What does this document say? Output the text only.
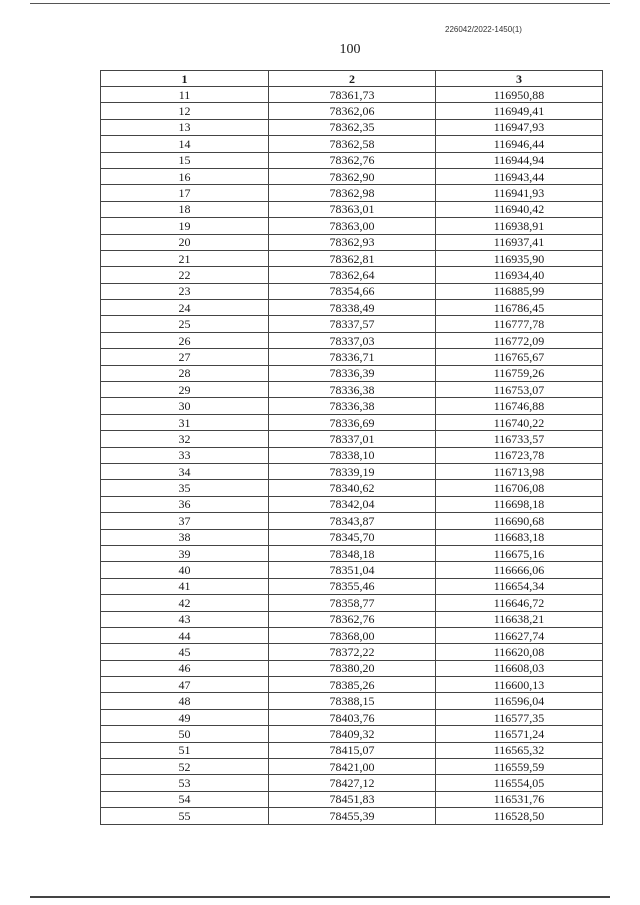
226042/2022-1450(1)
100
1	2	3
11	78361,73	116950,88
12	78362,06	116949,41
13	78362,35	116947,93
14	78362,58	116946,44
15	78362,76	116944,94
16	78362,90	116943,44
17	78362,98	116941,93
18	78363,01	116940,42
19	78363,00	116938,91
20	78362,93	116937,41
21	78362,81	116935,90
22	78362,64	116934,40
23	78354,66	116885,99
24	78338,49	116786,45
25	78337,57	116777,78
26	78337,03	116772,09
27	78336,71	116765,67
28	78336,39	116759,26
29	78336,38	116753,07
30	78336,38	116746,88
31	78336,69	116740,22
32	78337,01	116733,57
33	78338,10	116723,78
34	78339,19	116713,98
35	78340,62	116706,08
36	78342,04	116698,18
37	78343,87	116690,68
38	78345,70	116683,18
39	78348,18	116675,16
40	78351,04	116666,06
41	78355,46	116654,34
42	78358,77	116646,72
43	78362,76	116638,21
44	78368,00	116627,74
45	78372,22	116620,08
46	78380,20	116608,03
47	78385,26	116600,13
48	78388,15	116596,04
49	78403,76	116577,35
50	78409,32	116571,24
51	78415,07	116565,32
52	78421,00	116559,59
53	78427,12	116554,05
54	78451,83	116531,76
55	78455,39	116528,50
